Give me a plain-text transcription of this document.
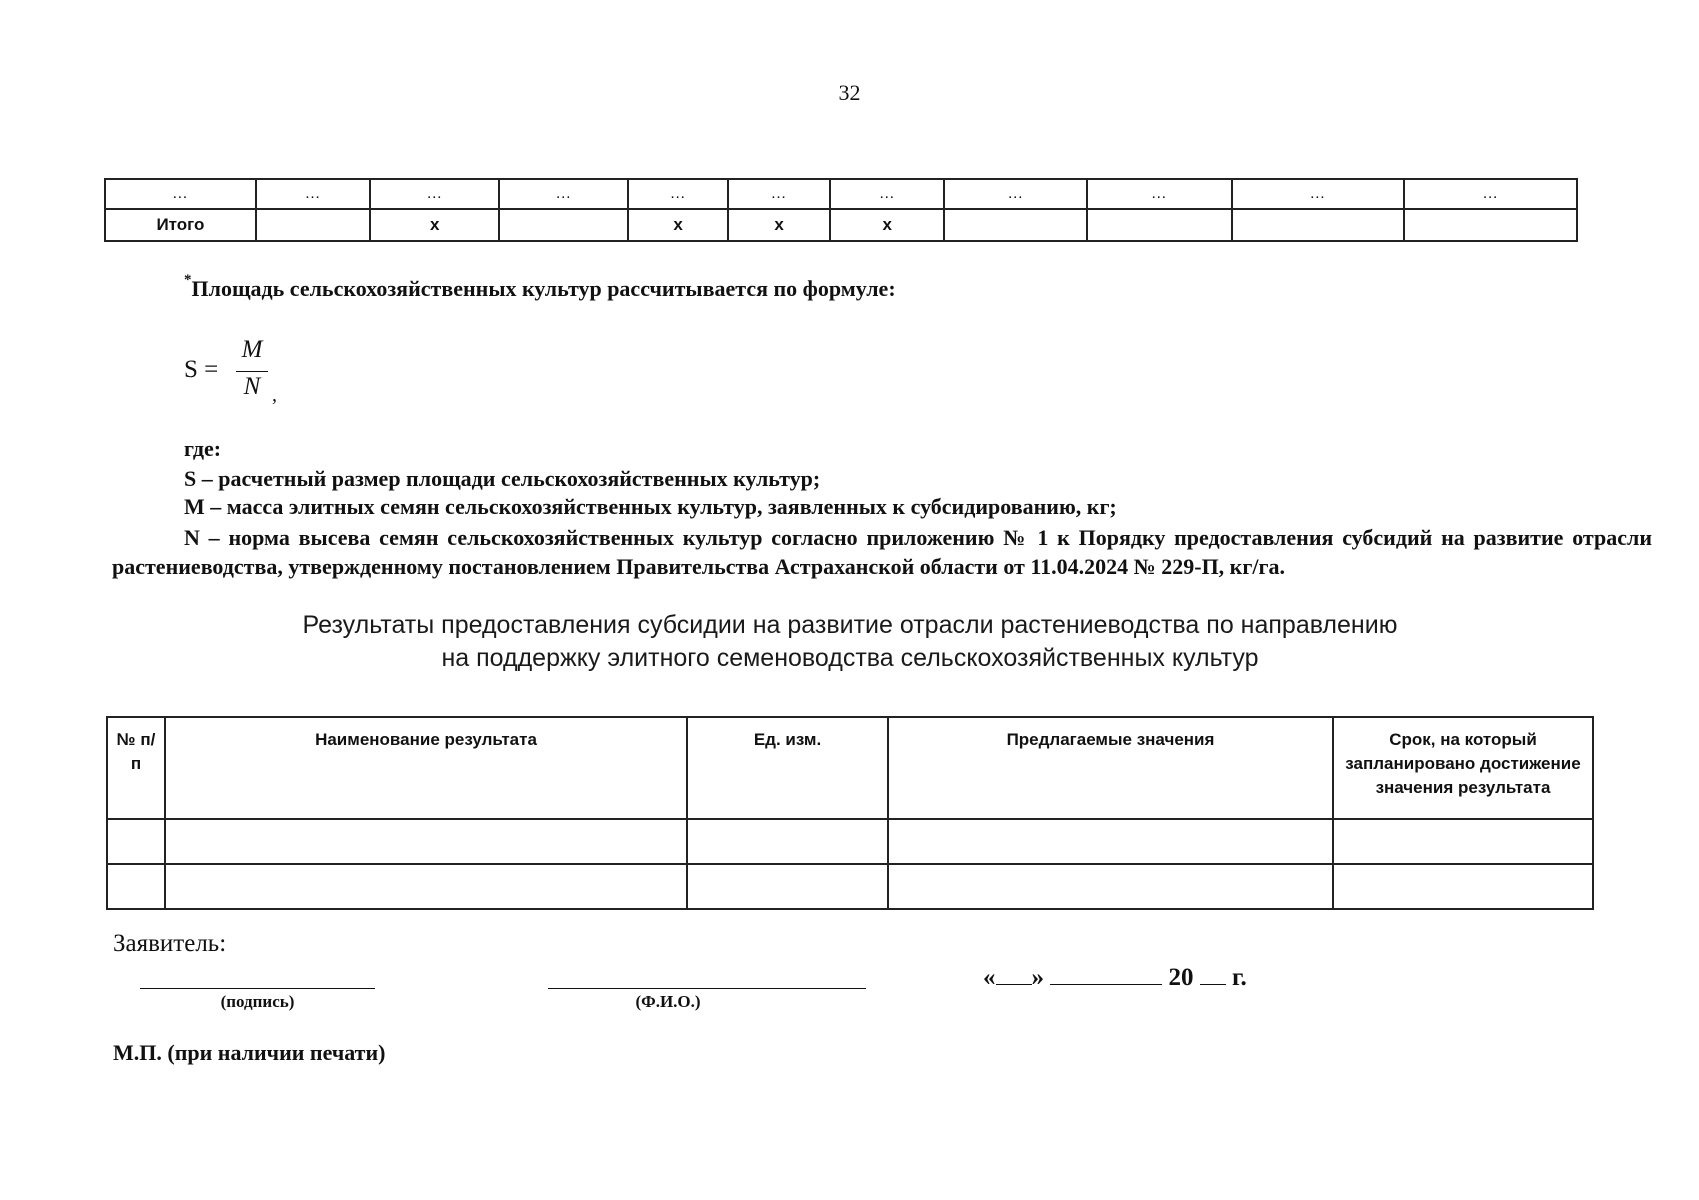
32
…	…	…	…	…	…	…	…	…	…	…
Итого		x		x	x	x				
*Площадь сельскохозяйственных культур рассчитывается по формуле:
S =
M
N ,
где:
S – расчетный размер площади сельскохозяйственных культур;
M – масса элитных семян сельскохозяйственных культур, заявленных к субсидированию, кг;
N – норма высева семян сельскохозяйственных культур согласно приложению № 1 к Порядку предоставления субсидий на развитие отрасли растениеводства, утвержденному постановлением Правительства Астраханской области от 11.04.2024 № 229-П, кг/га.
Результаты предоставления субсидии на развитие отрасли растениеводства по направлению
на поддержку элитного семеноводства сельскохозяйственных культур
№ п/п	Наименование результата	Ед. изм.	Предлагаемые значения	Срок, на который запланировано достижение значения результата

Заявитель:
(подпись)	(Ф.И.О.)
« »	20 г.
М.П. (при наличии печати)
